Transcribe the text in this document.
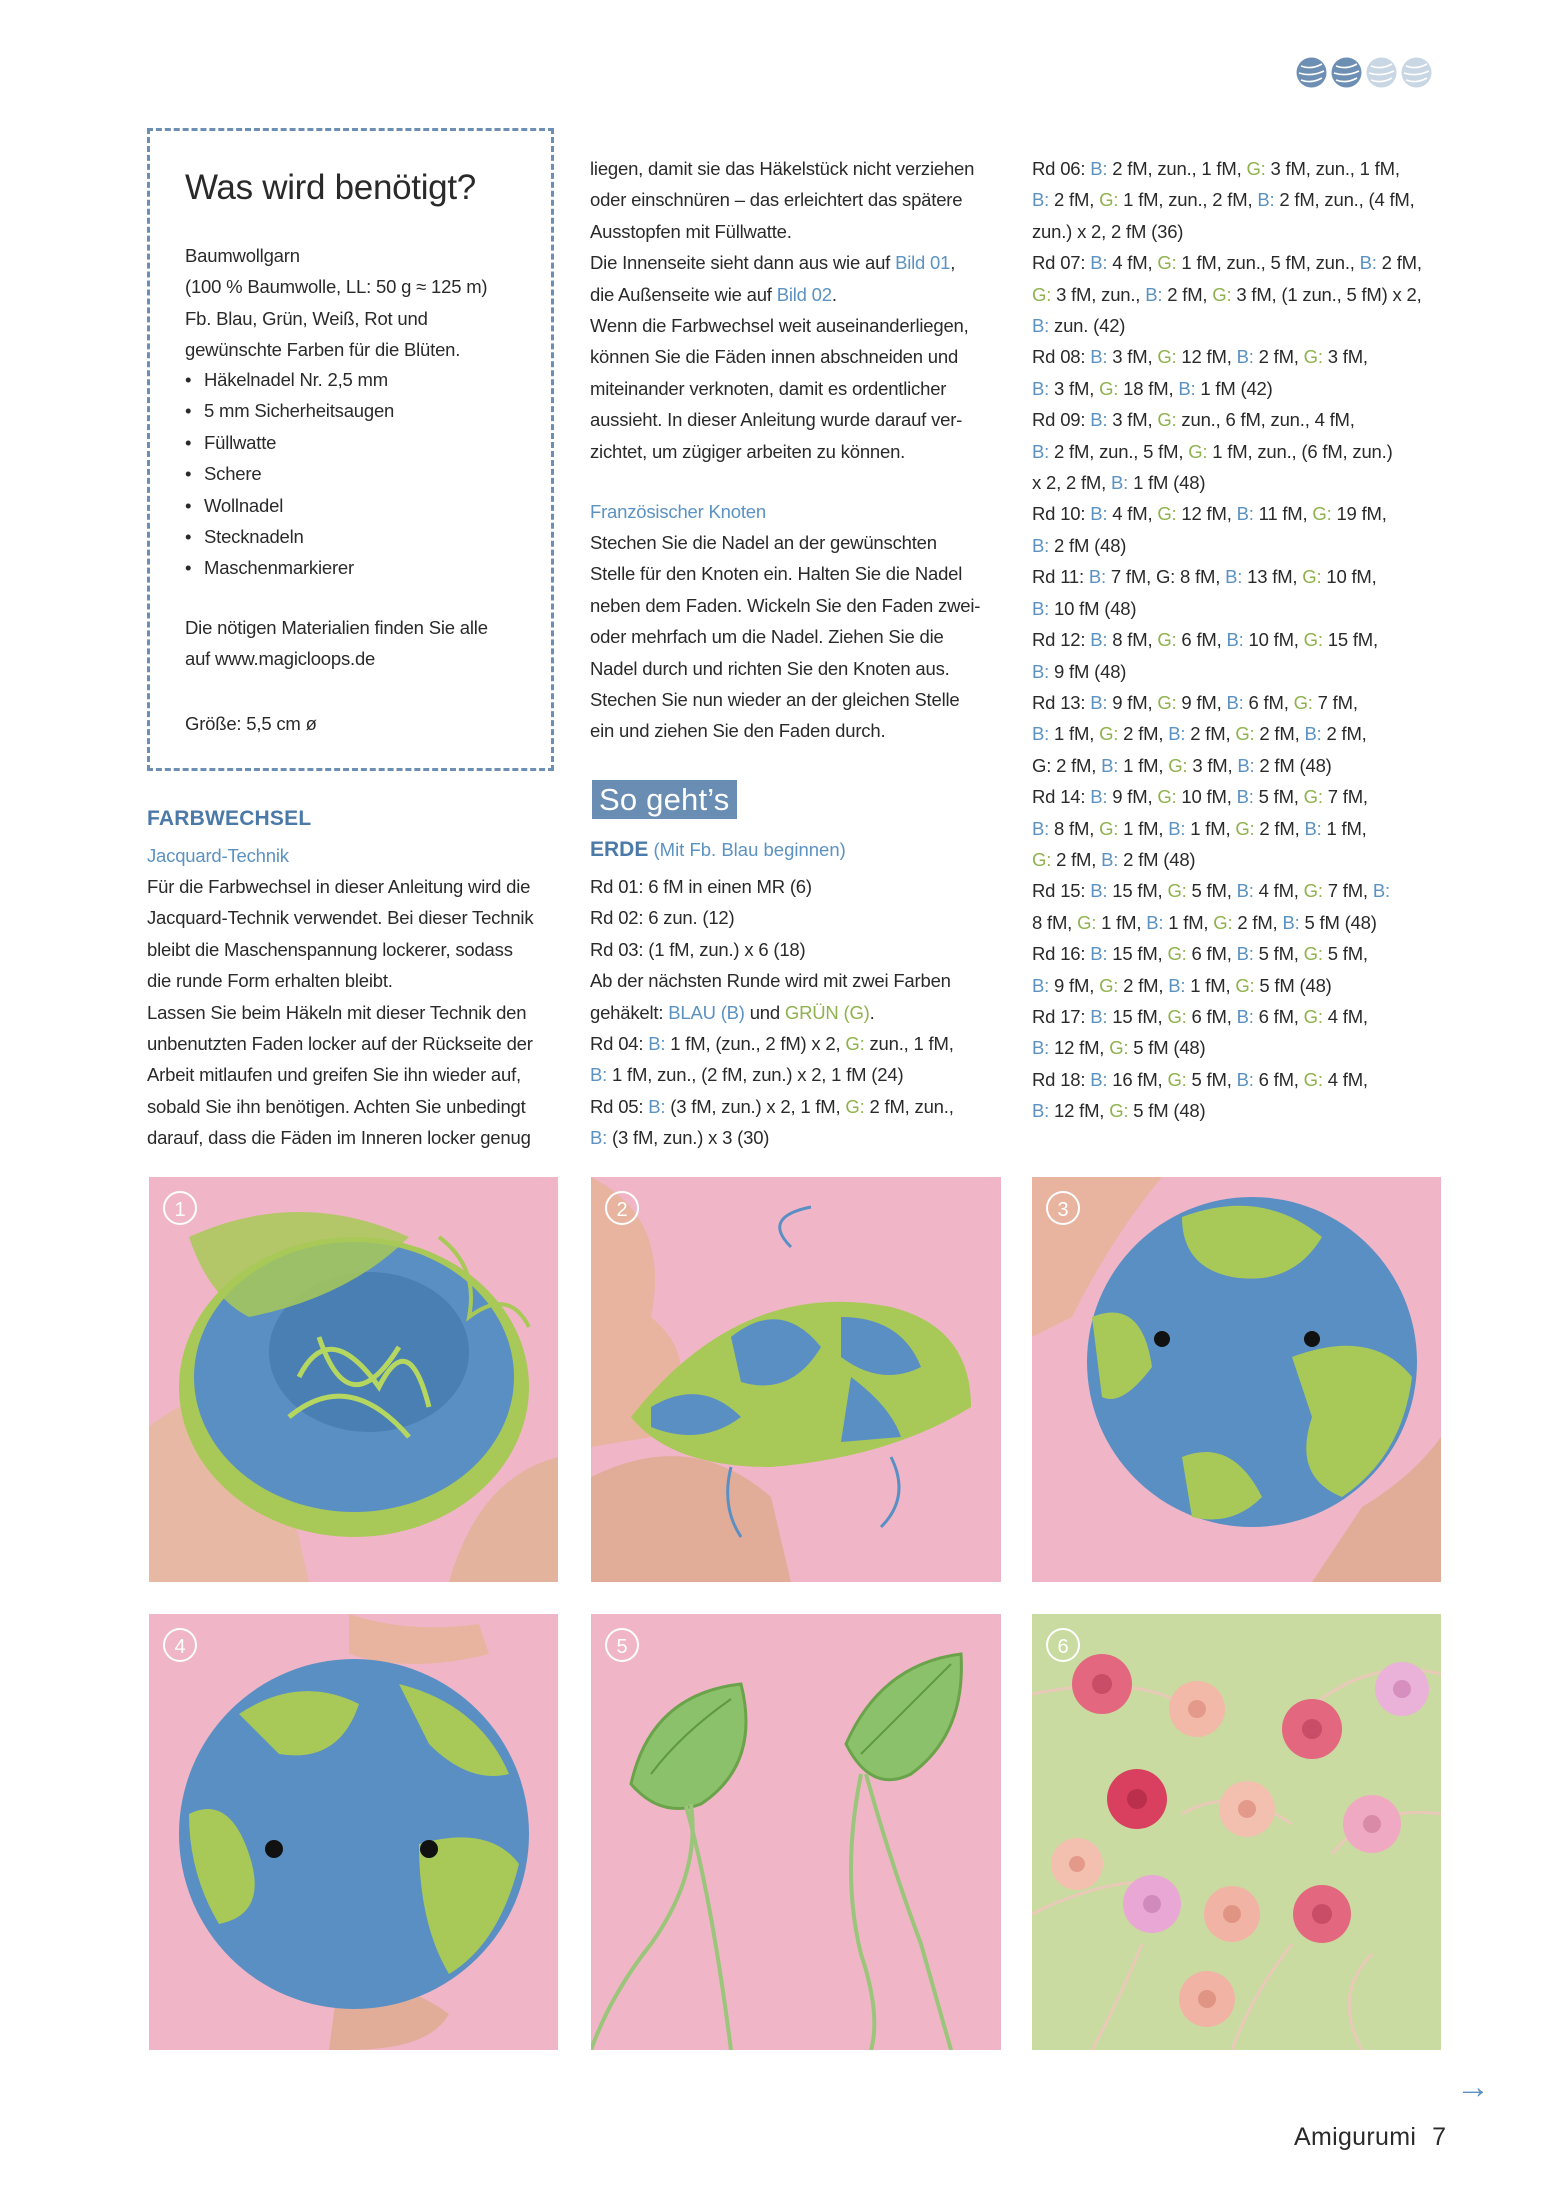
Was wird benötigt?
Baumwollgarn
(100 % Baumwolle, LL: 50 g ≈ 125 m)
Fb. Blau, Grün, Weiß, Rot und
gewünschte Farben für die Blüten.
• Häkelnadel Nr. 2,5 mm
• 5 mm Sicherheitsaugen
• Füllwatte
• Schere
• Wollnadel
• Stecknadeln
• Maschenmarkierer
Die nötigen Materialien finden Sie alle
auf www.magicloops.de
Größe: 5,5 cm ø
FARBWECHSEL
Jacquard-Technik
Für die Farbwechsel in dieser Anleitung wird die
Jacquard-Technik verwendet. Bei dieser Technik
bleibt die Maschenspannung lockerer, sodass
die runde Form erhalten bleibt.
Lassen Sie beim Häkeln mit dieser Technik den
unbenutzten Faden locker auf der Rückseite der
Arbeit mitlaufen und greifen Sie ihn wieder auf,
sobald Sie ihn benötigen. Achten Sie unbedingt
darauf, dass die Fäden im Inneren locker genug
liegen, damit sie das Häkelstück nicht verziehen
oder einschnüren – das erleichtert das spätere
Ausstopfen mit Füllwatte.
Die Innenseite sieht dann aus wie auf Bild 01,
die Außenseite wie auf Bild 02.
Wenn die Farbwechsel weit auseinanderliegen,
können Sie die Fäden innen abschneiden und
miteinander verknoten, damit es ordentlicher
aussieht. In dieser Anleitung wurde darauf ver-
zichtet, um zügiger arbeiten zu können.
Französischer Knoten
Stechen Sie die Nadel an der gewünschten
Stelle für den Knoten ein. Halten Sie die Nadel
neben dem Faden. Wickeln Sie den Faden zwei-
oder mehrfach um die Nadel. Ziehen Sie die
Nadel durch und richten Sie den Knoten aus.
Stechen Sie nun wieder an der gleichen Stelle
ein und ziehen Sie den Faden durch.
So geht’s
ERDE (Mit Fb. Blau beginnen)
Rd 01: 6 fM in einen MR (6)
Rd 02: 6 zun. (12)
Rd 03: (1 fM, zun.) x 6 (18)
Ab der nächsten Runde wird mit zwei Farben
gehäkelt: BLAU (B) und GRÜN (G).
Rd 04: B: 1 fM, (zun., 2 fM) x 2, G: zun., 1 fM,
B: 1 fM, zun., (2 fM, zun.) x 2, 1 fM (24)
Rd 05: B: (3 fM, zun.) x 2, 1 fM, G: 2 fM, zun.,
B: (3 fM, zun.) x 3 (30)
Rd 06: B: 2 fM, zun., 1 fM, G: 3 fM, zun., 1 fM,
B: 2 fM, G: 1 fM, zun., 2 fM, B: 2 fM, zun., (4 fM,
zun.) x 2, 2 fM (36)
Rd 07: B: 4 fM, G: 1 fM, zun., 5 fM, zun., B: 2 fM,
G: 3 fM, zun., B: 2 fM, G: 3 fM, (1 zun., 5 fM) x 2,
B: zun. (42)
Rd 08: B: 3 fM, G: 12 fM, B: 2 fM, G: 3 fM,
B: 3 fM, G: 18 fM, B: 1 fM (42)
Rd 09: B: 3 fM, G: zun., 6 fM, zun., 4 fM,
B: 2 fM, zun., 5 fM, G: 1 fM, zun., (6 fM, zun.)
x 2, 2 fM, B: 1 fM (48)
Rd 10: B: 4 fM, G: 12 fM, B: 11 fM, G: 19 fM,
B: 2 fM (48)
Rd 11: B: 7 fM, G: 8 fM, B: 13 fM, G: 10 fM,
B: 10 fM (48)
Rd 12: B: 8 fM, G: 6 fM, B: 10 fM, G: 15 fM,
B: 9 fM (48)
Rd 13: B: 9 fM, G: 9 fM, B: 6 fM, G: 7 fM,
B: 1 fM, G: 2 fM, B: 2 fM, G: 2 fM, B: 2 fM,
G: 2 fM, B: 1 fM, G: 3 fM, B: 2 fM (48)
Rd 14: B: 9 fM, G: 10 fM, B: 5 fM, G: 7 fM,
B: 8 fM, G: 1 fM, B: 1 fM, G: 2 fM, B: 1 fM,
G: 2 fM, B: 2 fM (48)
Rd 15: B: 15 fM, G: 5 fM, B: 4 fM, G: 7 fM, B:
8 fM, G: 1 fM, B: 1 fM, G: 2 fM, B: 5 fM (48)
Rd 16: B: 15 fM, G: 6 fM, B: 5 fM, G: 5 fM,
B: 9 fM, G: 2 fM, B: 1 fM, G: 5 fM (48)
Rd 17: B: 15 fM, G: 6 fM, B: 6 fM, G: 4 fM,
B: 12 fM, G: 5 fM (48)
Rd 18: B: 16 fM, G: 5 fM, B: 6 fM, G: 4 fM,
B: 12 fM, G: 5 fM (48)
1	2	3
4	5	6
→
Amigurumi 7
